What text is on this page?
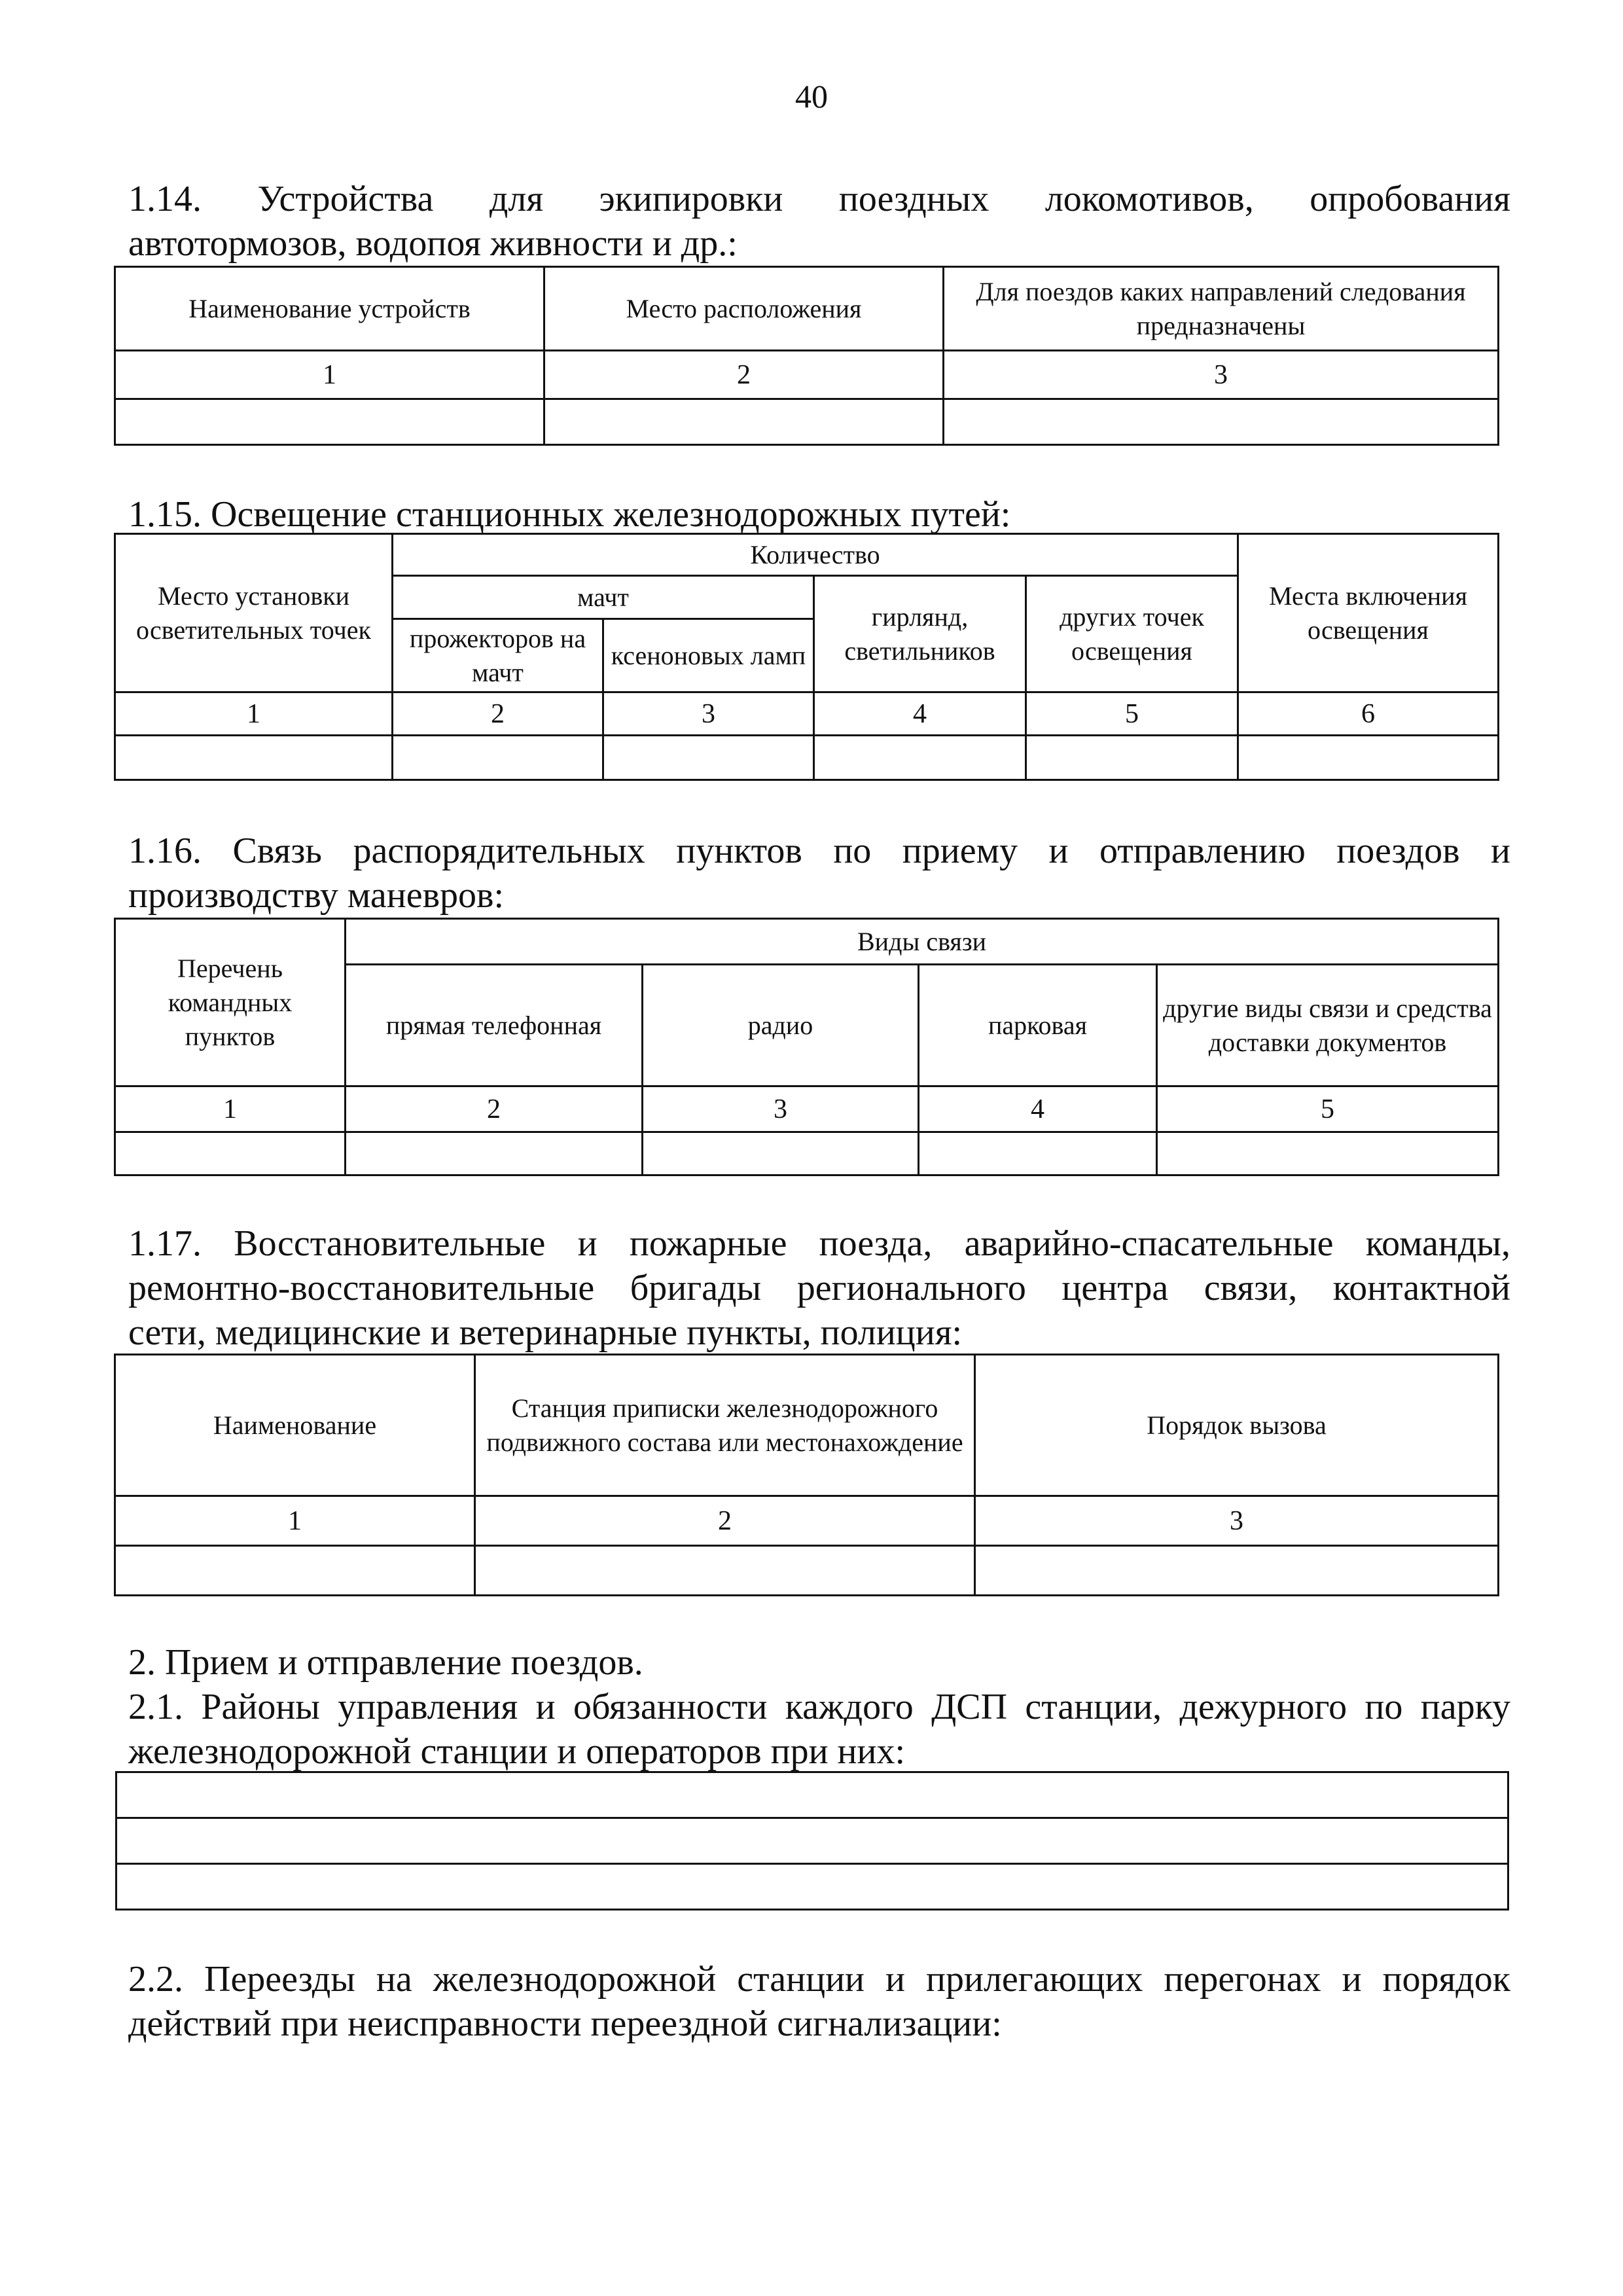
40
1.14. Устройства для экипировки поездных локомотивов, опробования
автотормозов, водопоя живности и др.:
Наименование устройств	Место расположения	Для поездов каких направлений следования предназначены
1	2	3

1.15. Освещение станционных железнодорожных путей:
Место установки осветительных точек	Количество				Места включения освещения
	мачт		гирлянд, светильников	других точек освещения	
	прожекторов на мачт	ксеноновых ламп			
1	2	3	4	5	6

1.16. Связь распорядительных пунктов по приему и отправлению поездов и
производству маневров:
Перечень командных пунктов	Виды связи			
	прямая телефонная	радио	парковая	другие виды связи и средства доставки документов
1	2	3	4	5

1.17. Восстановительные и пожарные поезда, аварийно-спасательные команды,
ремонтно-восстановительные бригады регионального центра связи, контактной
сети, медицинские и ветеринарные пункты, полиция:
Наименование	Станция приписки железнодорожного подвижного состава или местонахождение	Порядок вызова
1	2	3

2. Прием и отправление поездов.
2.1. Районы управления и обязанности каждого ДСП станции, дежурного по парку
железнодорожной станции и операторов при них:

2.2. Переезды на железнодорожной станции и прилегающих перегонах и порядок
действий при неисправности переездной сигнализации:
